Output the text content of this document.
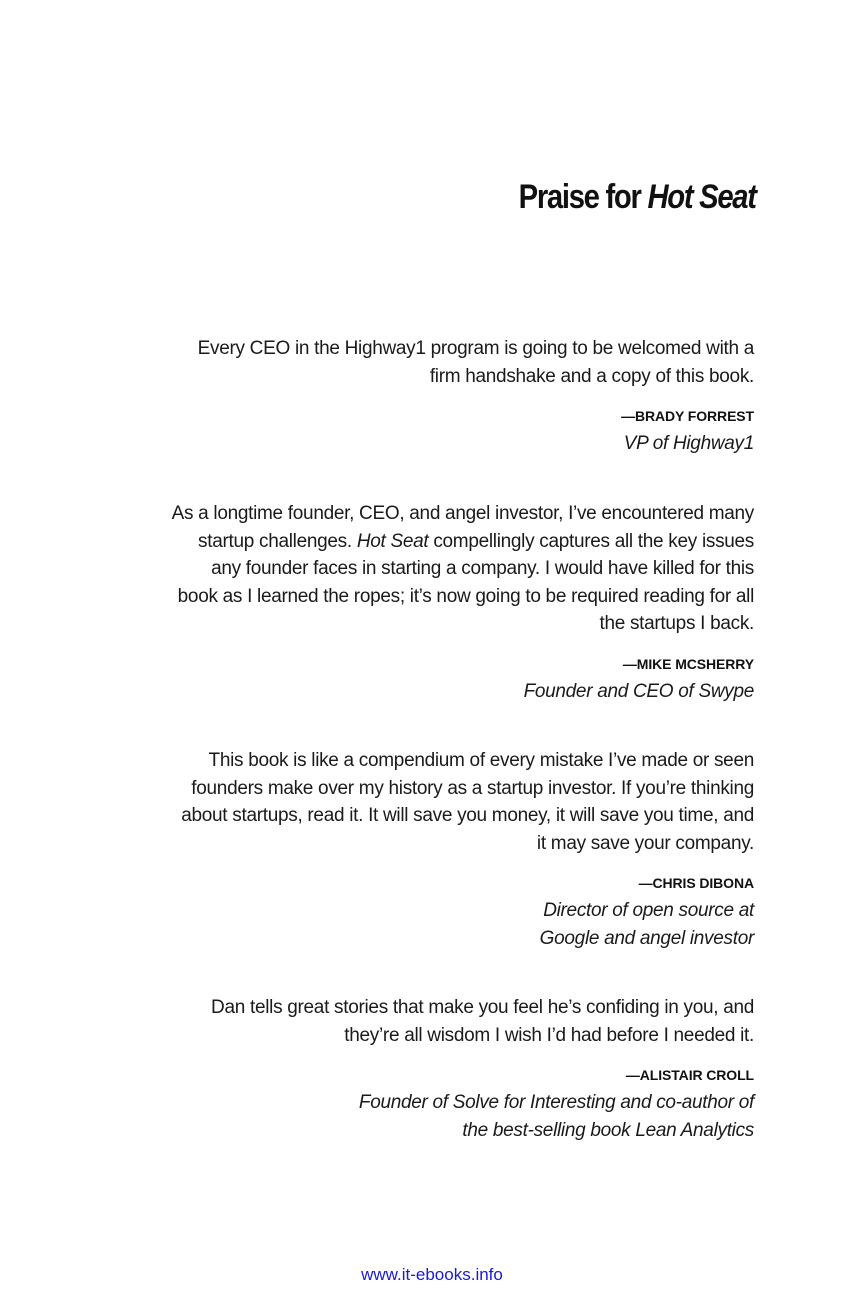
Praise for Hot Seat

Every CEO in the Highway1 program is going to be welcomed with a
firm handshake and a copy of this book.

—BRADY FORREST

VP of Highway1

As a longtime founder, CEO, and angel investor, I’ve encountered many
startup challenges. Hot Seat compellingly captures all the key issues
any founder faces in starting a company. I would have killed for this
book as I learned the ropes; it’s now going to be required reading for all
the startups I back.

—MIKE MCSHERRY

Founder and CEO of Swype

This book is like a compendium of every mistake I’ve made or seen
founders make over my history as a startup investor. If you’re thinking
about startups, read it. It will save you money, it will save you time, and
it may save your company.

—CHRIS DIBONA

Director of open source at
Google and angel investor

Dan tells great stories that make you feel he’s confiding in you, and
they’re all wisdom I wish I’d had before I needed it.

—ALISTAIR CROLL

Founder of Solve for Interesting and co-author of
the best-selling book Lean Analytics

www.it-ebooks.info
